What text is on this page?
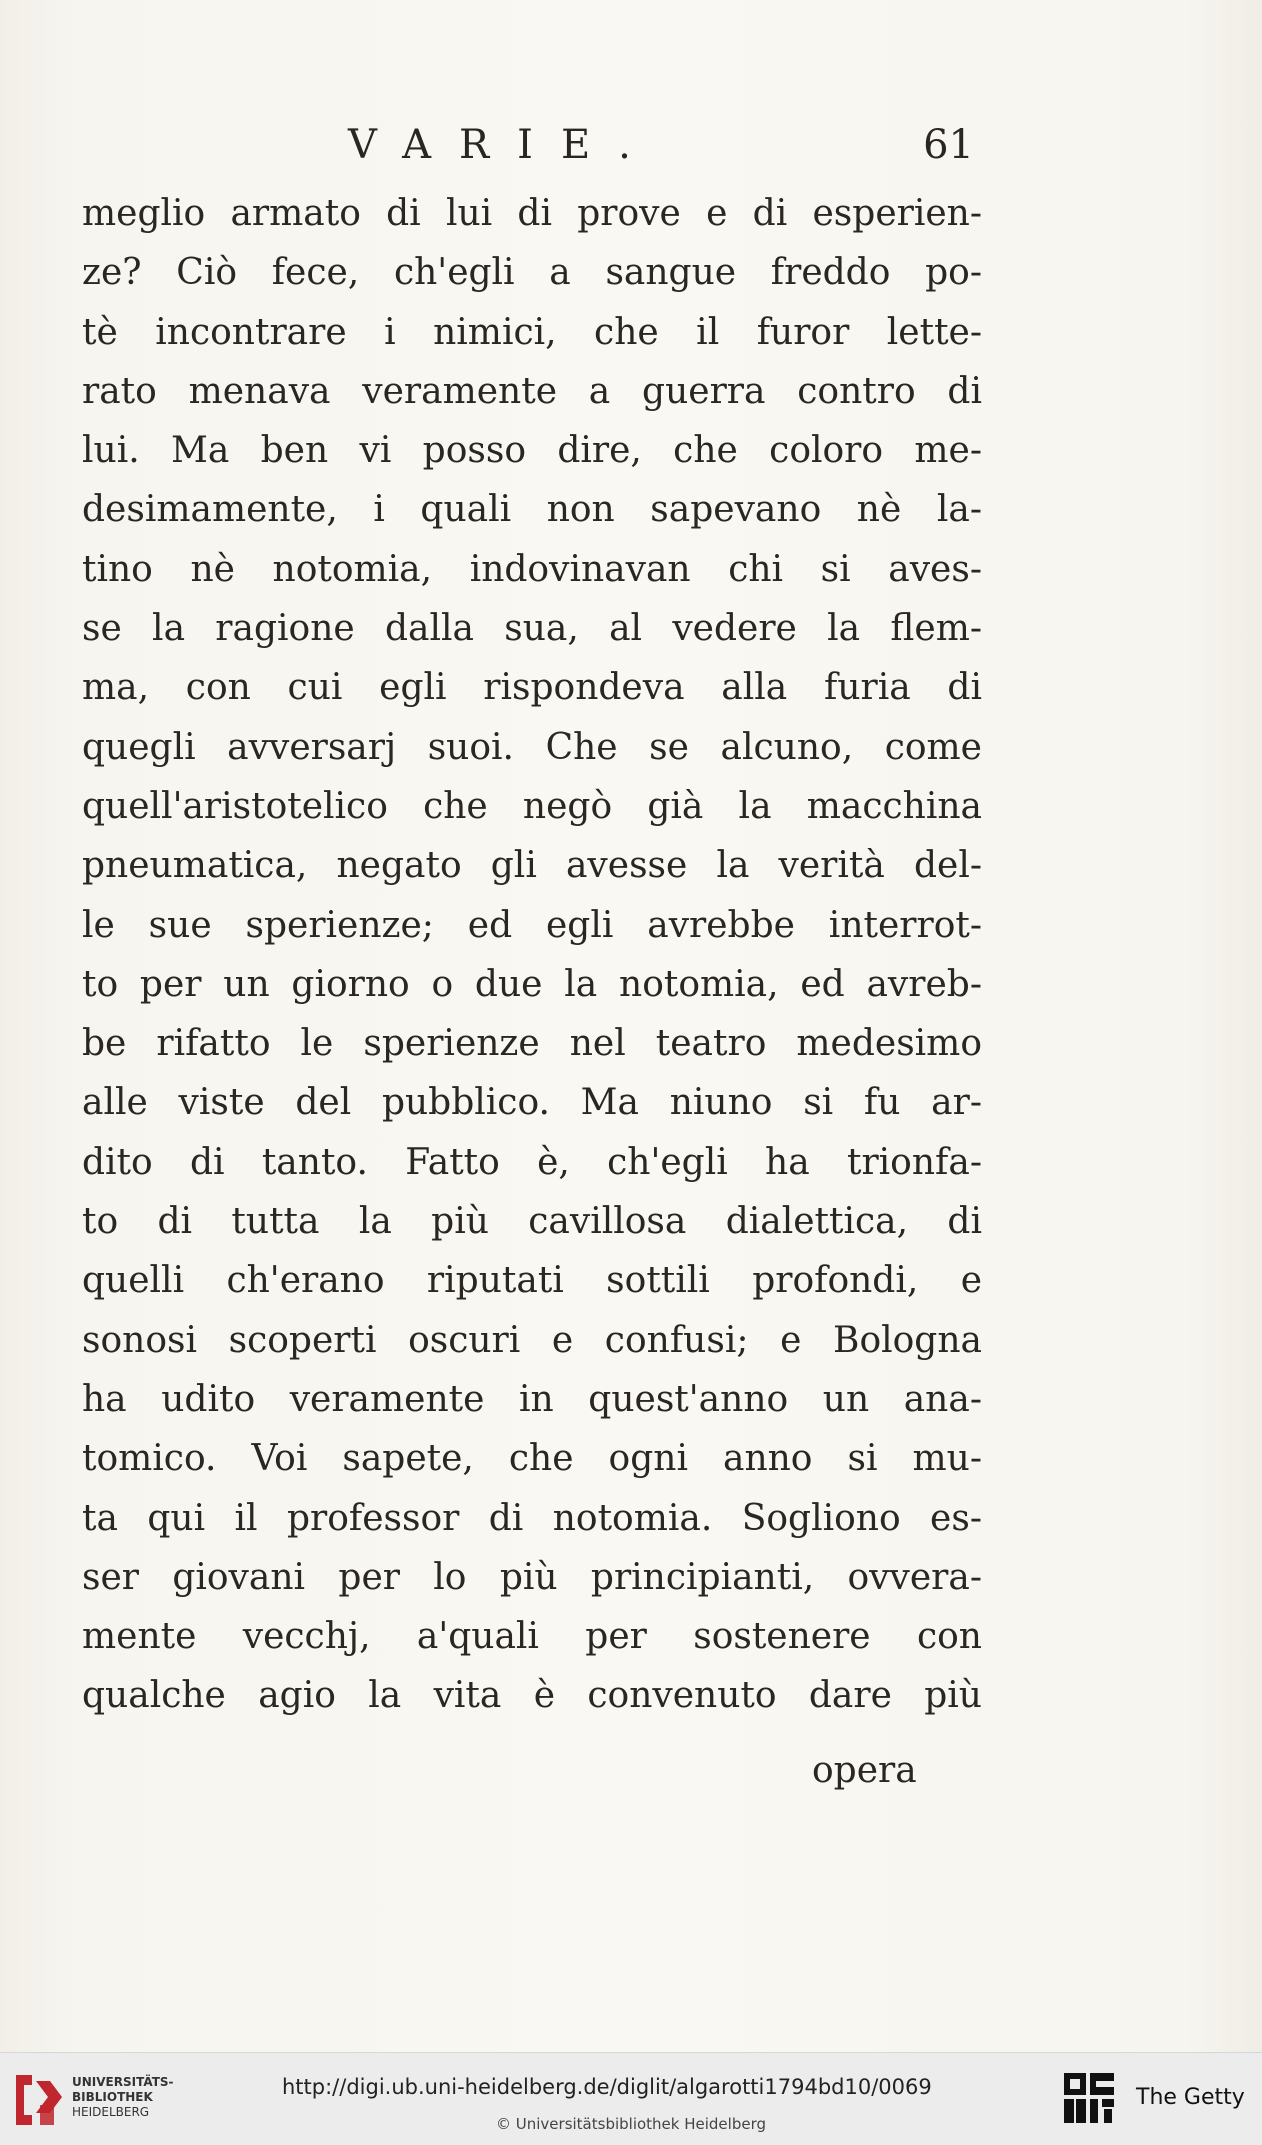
VARIE.	61
meglio armato di lui di prove e di esperien-
ze? Ciò fece, ch'egli a sangue freddo po-
tè incontrare i nimici, che il furor lette-
rato menava veramente a guerra contro di
lui. Ma ben vi posso dire, che coloro me-
desimamente, i quali non sapevano nè la-
tino nè notomia, indovinavan chi si aves-
se la ragione dalla sua, al vedere la flem-
ma, con cui egli rispondeva alla furia di
quegli avversarj suoi. Che se alcuno, come
quell'aristotelico che negò già la macchina
pneumatica, negato gli avesse la verità del-
le sue sperienze; ed egli avrebbe interrot-
to per un giorno o due la notomia, ed avreb-
be rifatto le sperienze nel teatro medesimo
alle viste del pubblico. Ma niuno si fu ar-
dito di tanto. Fatto è, ch'egli ha trionfa-
to di tutta la più cavillosa dialettica, di
quelli ch'erano riputati sottili profondi, e
sonosi scoperti oscuri e confusi; e Bologna
ha udito veramente in quest'anno un ana-
tomico. Voi sapete, che ogni anno si mu-
ta qui il professor di notomia. Sogliono es-
ser giovani per lo più principianti, ovvera-
mente vecchj, a'quali per sostenere con
qualche agio la vita è convenuto dare più
opera
UNIVERSITÄTS-
BIBLIOTHEK
HEIDELBERG
http://digi.ub.uni-heidelberg.de/diglit/algarotti1794bd10/0069
© Universitätsbibliothek Heidelberg
The Getty
